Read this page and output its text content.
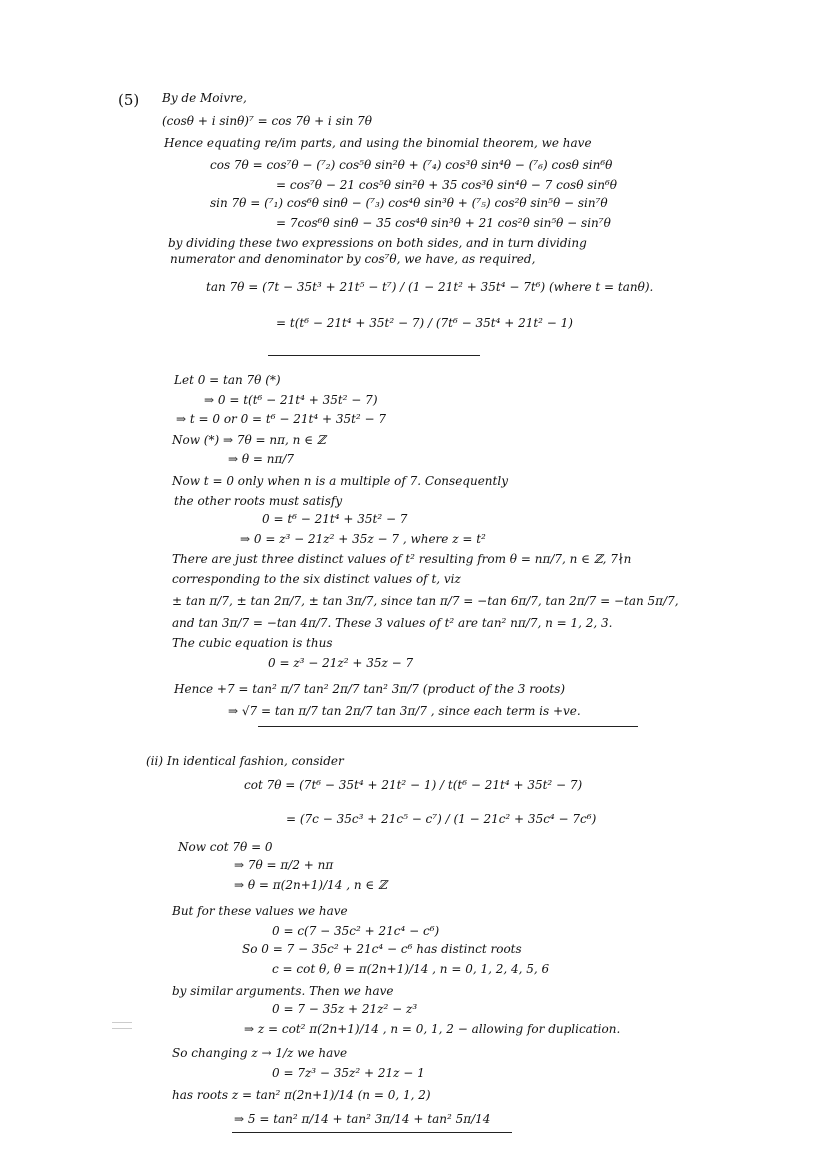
(5) By de Moivre,
(cosθ + i sinθ)⁷ = cos 7θ + i sin 7θ
Hence equating re/im parts, and using the binomial theorem, we have
cos 7θ = cos⁷θ − (⁷₂) cos⁵θ sin²θ + (⁷₄) cos³θ sin⁴θ − (⁷₆) cosθ sin⁶θ
= cos⁷θ − 21 cos⁵θ sin²θ + 35 cos³θ sin⁴θ − 7 cosθ sin⁶θ
sin 7θ = (⁷₁) cos⁶θ sinθ − (⁷₃) cos⁴θ sin³θ + (⁷₅) cos²θ sin⁵θ − sin⁷θ
= 7cos⁶θ sinθ − 35 cos⁴θ sin³θ + 21 cos²θ sin⁵θ − sin⁷θ
by dividing these two expressions on both sides, and in turn dividing
numerator and denominator by cos⁷θ, we have, as required,
tan 7θ = (7t − 35t³ + 21t⁵ − t⁷) / (1 − 21t² + 35t⁴ − 7t⁶) (where t = tanθ).
= t(t⁶ − 21t⁴ + 35t² − 7) / (7t⁶ − 35t⁴ + 21t² − 1)
Let 0 = tan 7θ (*)
⇒ 0 = t(t⁶ − 21t⁴ + 35t² − 7)
⇒ t = 0 or 0 = t⁶ − 21t⁴ + 35t² − 7
Now (*) ⇒ 7θ = nπ, n ∈ ℤ
⇒ θ = nπ/7
Now t = 0 only when n is a multiple of 7. Consequently
the other roots must satisfy
0 = t⁶ − 21t⁴ + 35t² − 7
⇒ 0 = z³ − 21z² + 35z − 7 , where z = t²
There are just three distinct values of t² resulting from θ = nπ/7, n ∈ ℤ, 7∤n
corresponding to the six distinct values of t, viz
± tan π/7, ± tan 2π/7, ± tan 3π/7, since tan π/7 = −tan 6π/7, tan 2π/7 = −tan 5π/7,
and tan 3π/7 = −tan 4π/7. These 3 values of t² are tan² nπ/7, n = 1, 2, 3.
The cubic equation is thus
0 = z³ − 21z² + 35z − 7
Hence +7 = tan² π/7 tan² 2π/7 tan² 3π/7 (product of the 3 roots)
⇒ √7 = tan π/7 tan 2π/7 tan 3π/7 , since each term is +ve.
(ii) In identical fashion, consider
cot 7θ = (7t⁶ − 35t⁴ + 21t² − 1) / t(t⁶ − 21t⁴ + 35t² − 7)
= (7c − 35c³ + 21c⁵ − c⁷) / (1 − 21c² + 35c⁴ − 7c⁶)
Now cot 7θ = 0
⇒ 7θ = π/2 + nπ
⇒ θ = π(2n+1)/14 , n ∈ ℤ
But for these values we have
0 = c(7 − 35c² + 21c⁴ − c⁶)
So 0 = 7 − 35c² + 21c⁴ − c⁶ has distinct roots
c = cot θ, θ = π(2n+1)/14 , n = 0, 1, 2, 4, 5, 6
by similar arguments. Then we have
0 = 7 − 35z + 21z² − z³
⇒ z = cot² π(2n+1)/14 , n = 0, 1, 2 − allowing for duplication.
So changing z → 1/z we have
0 = 7z³ − 35z² + 21z − 1
has roots z = tan² π(2n+1)/14 (n = 0, 1, 2)
⇒ 5 = tan² π/14 + tan² 3π/14 + tan² 5π/14
